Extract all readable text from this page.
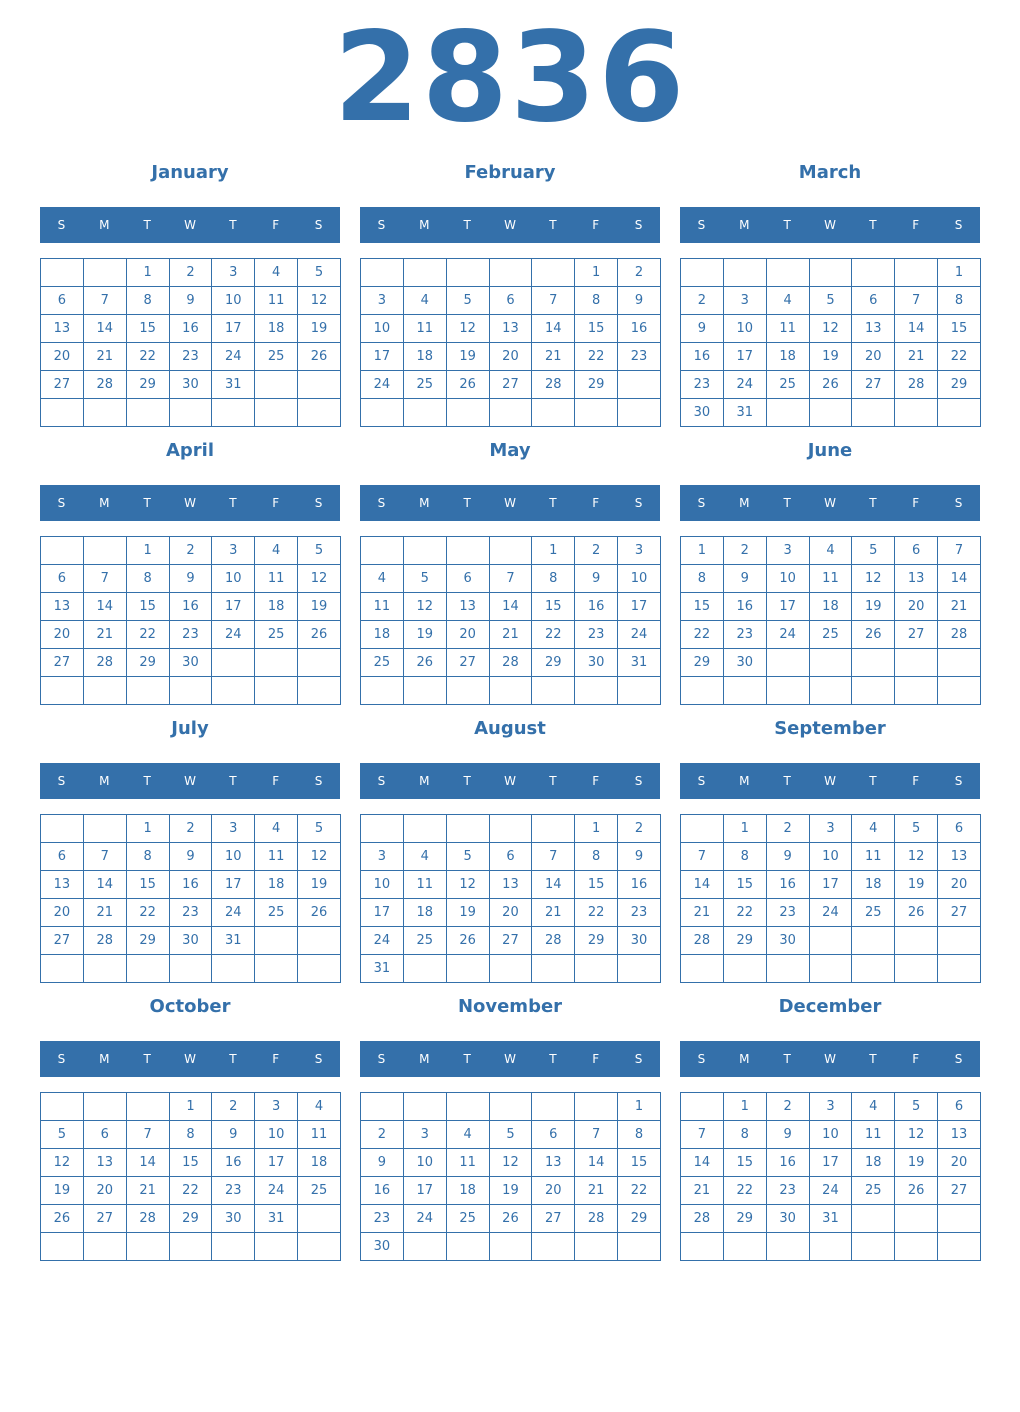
2836
January
S	M	T	W	T	F	S
		1	2	3	4	5
6	7	8	9	10	11	12
13	14	15	16	17	18	19
20	21	22	23	24	25	26
27	28	29	30	31		

February
S	M	T	W	T	F	S
					1	2
3	4	5	6	7	8	9
10	11	12	13	14	15	16
17	18	19	20	21	22	23
24	25	26	27	28	29	

March
S	M	T	W	T	F	S
						1
2	3	4	5	6	7	8
9	10	11	12	13	14	15
16	17	18	19	20	21	22
23	24	25	26	27	28	29
30	31					
April
S	M	T	W	T	F	S
		1	2	3	4	5
6	7	8	9	10	11	12
13	14	15	16	17	18	19
20	21	22	23	24	25	26
27	28	29	30			

May
S	M	T	W	T	F	S
				1	2	3
4	5	6	7	8	9	10
11	12	13	14	15	16	17
18	19	20	21	22	23	24
25	26	27	28	29	30	31

June
S	M	T	W	T	F	S
1	2	3	4	5	6	7
8	9	10	11	12	13	14
15	16	17	18	19	20	21
22	23	24	25	26	27	28
29	30					

July
S	M	T	W	T	F	S
		1	2	3	4	5
6	7	8	9	10	11	12
13	14	15	16	17	18	19
20	21	22	23	24	25	26
27	28	29	30	31		

August
S	M	T	W	T	F	S
					1	2
3	4	5	6	7	8	9
10	11	12	13	14	15	16
17	18	19	20	21	22	23
24	25	26	27	28	29	30
31						
September
S	M	T	W	T	F	S
	1	2	3	4	5	6
7	8	9	10	11	12	13
14	15	16	17	18	19	20
21	22	23	24	25	26	27
28	29	30				

October
S	M	T	W	T	F	S
			1	2	3	4
5	6	7	8	9	10	11
12	13	14	15	16	17	18
19	20	21	22	23	24	25
26	27	28	29	30	31	

November
S	M	T	W	T	F	S
						1
2	3	4	5	6	7	8
9	10	11	12	13	14	15
16	17	18	19	20	21	22
23	24	25	26	27	28	29
30						
December
S	M	T	W	T	F	S
	1	2	3	4	5	6
7	8	9	10	11	12	13
14	15	16	17	18	19	20
21	22	23	24	25	26	27
28	29	30	31			
